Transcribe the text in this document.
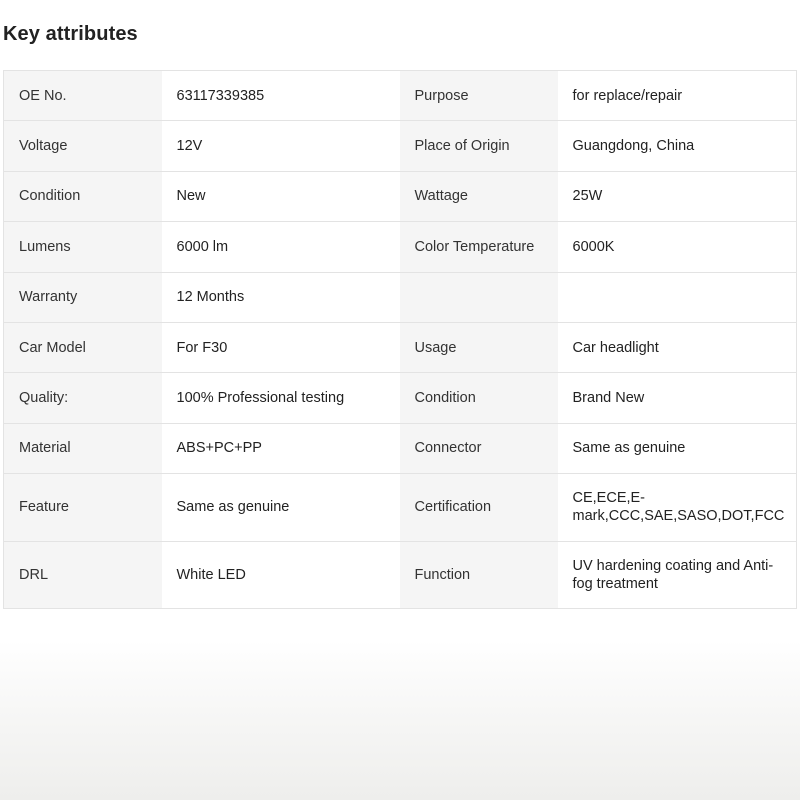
Key attributes
OE No.	63117339385	Purpose	for replace/repair
Voltage	12V	Place of Origin	Guangdong, China
Condition	New	Wattage	25W
Lumens	6000 lm	Color Temperature	6000K
Warranty	12 Months		
Car Model	For F30	Usage	Car headlight
Quality:	100% Professional testing	Condition	Brand New
Material	ABS+PC+PP	Connector	Same as genuine
Feature	Same as genuine	Certification	CE,ECE,E-mark,CCC,SAE,SASO,DOT,FCC
DRL	White LED	Function	UV hardening coating and Anti-fog treatment
